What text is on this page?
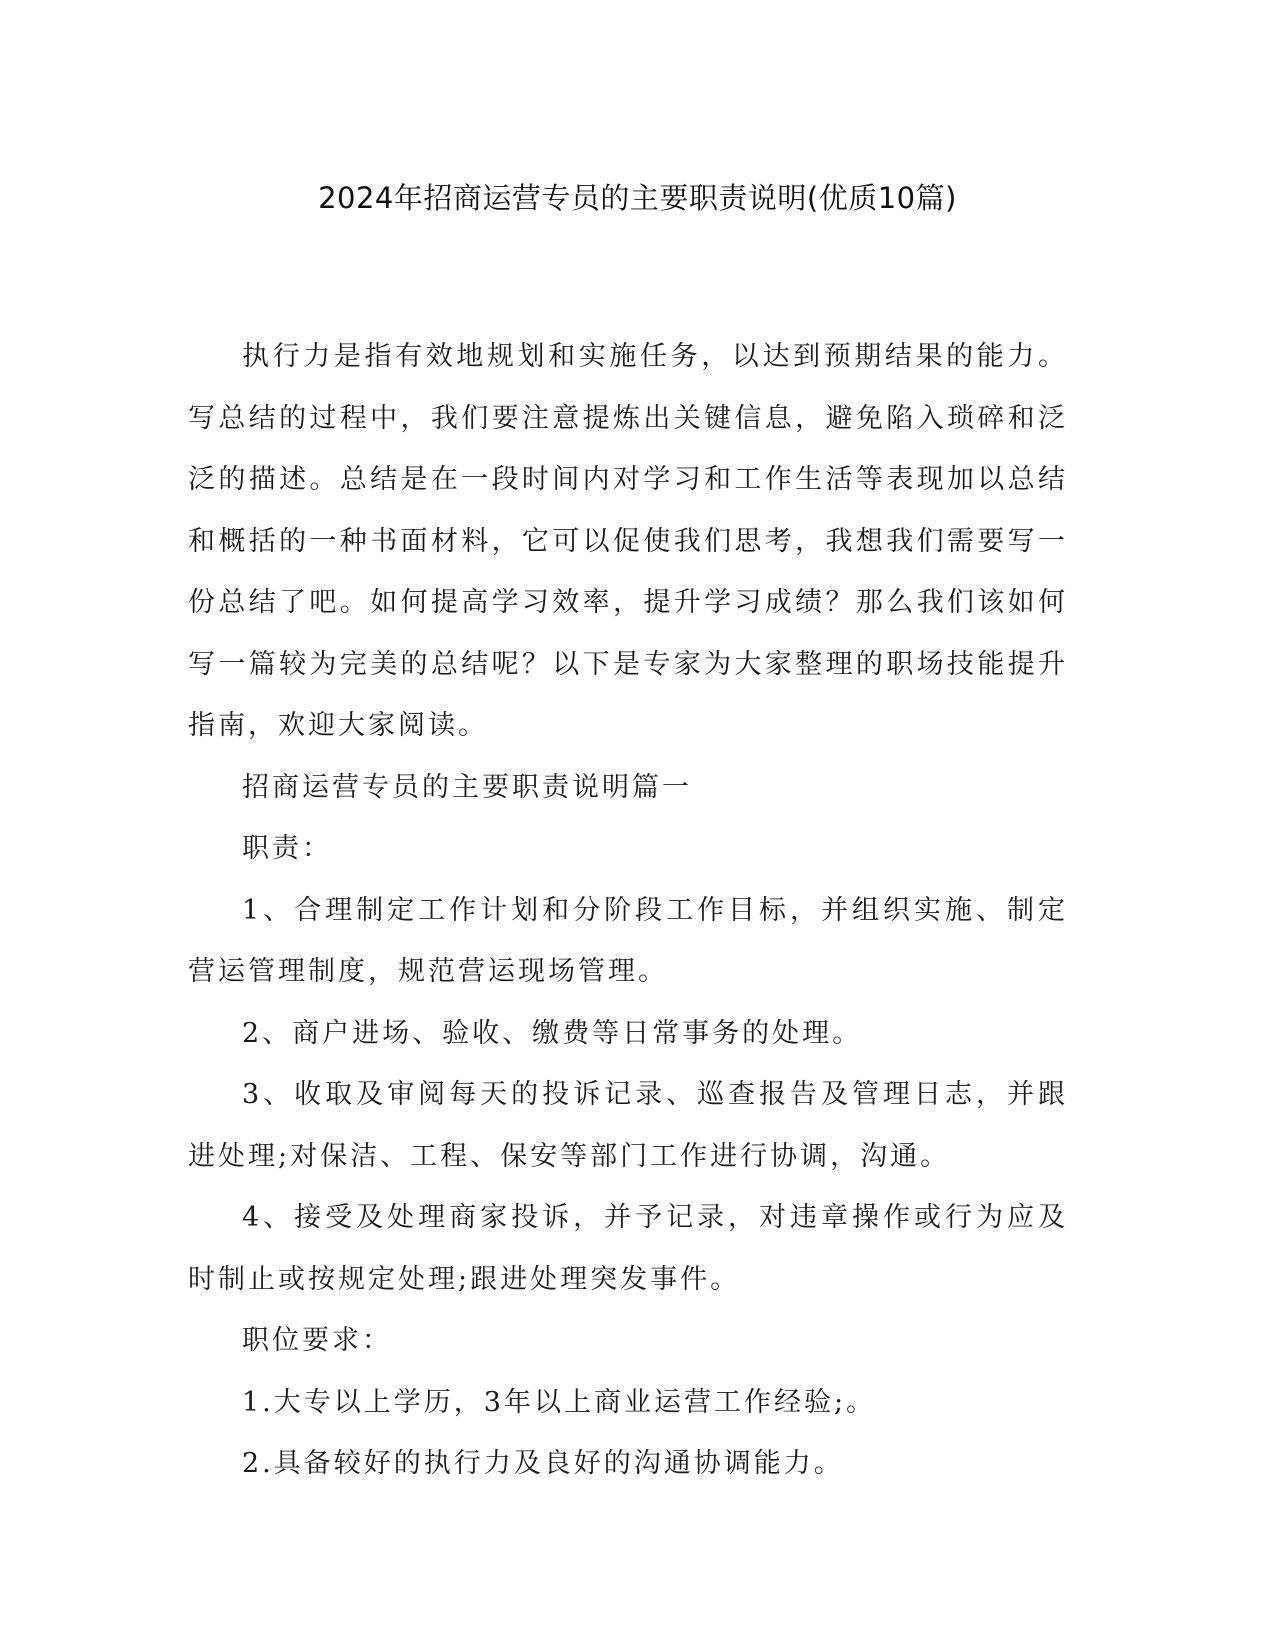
2024年招商运营专员的主要职责说明(优质10篇)

执行力是指有效地规划和实施任务，以达到预期结果的能力。写总结的过程中，我们要注意提炼出关键信息，避免陷入琐碎和泛泛的描述。总结是在一段时间内对学习和工作生活等表现加以总结和概括的一种书面材料，它可以促使我们思考，我想我们需要写一份总结了吧。如何提高学习效率，提升学习成绩？那么我们该如何写一篇较为完美的总结呢？以下是专家为大家整理的职场技能提升指南，欢迎大家阅读。

招商运营专员的主要职责说明篇一

职责：

1、合理制定工作计划和分阶段工作目标，并组织实施、制定营运管理制度，规范营运现场管理。

2、商户进场、验收、缴费等日常事务的处理。

3、收取及审阅每天的投诉记录、巡查报告及管理日志，并跟进处理;对保洁、工程、保安等部门工作进行协调，沟通。

4、接受及处理商家投诉，并予记录，对违章操作或行为应及时制止或按规定处理;跟进处理突发事件。

职位要求：

1.大专以上学历，3年以上商业运营工作经验;。

2.具备较好的执行力及良好的沟通协调能力。
